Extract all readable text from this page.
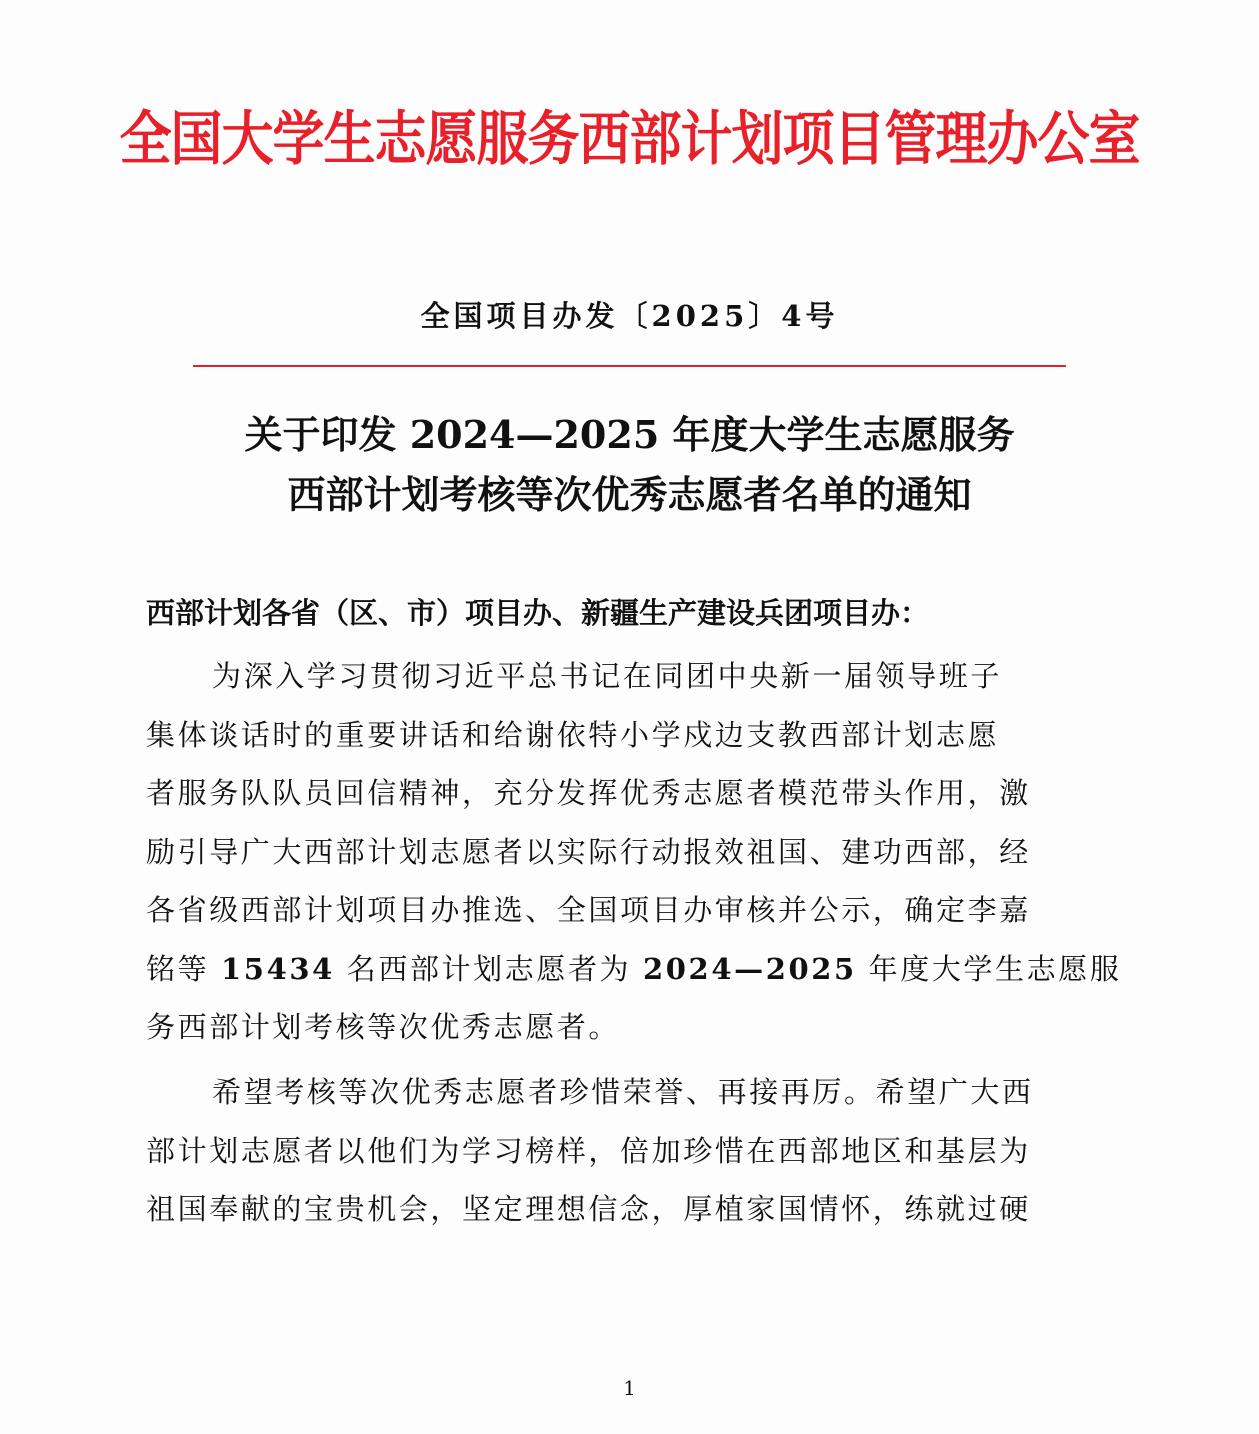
全国大学生志愿服务西部计划项目管理办公室
全国项目办发〔2025〕4号
关于印发 2024—2025 年度大学生志愿服务
西部计划考核等次优秀志愿者名单的通知
西部计划各省（区、市）项目办、新疆生产建设兵团项目办：
为深入学习贯彻习近平总书记在同团中央新一届领导班子
集体谈话时的重要讲话和给谢依特小学戍边支教西部计划志愿
者服务队队员回信精神，充分发挥优秀志愿者模范带头作用，激
励引导广大西部计划志愿者以实际行动报效祖国、建功西部，经
各省级西部计划项目办推选、全国项目办审核并公示，确定李嘉
铭等 15434 名西部计划志愿者为 2024—2025 年度大学生志愿服
务西部计划考核等次优秀志愿者。
希望考核等次优秀志愿者珍惜荣誉、再接再厉。希望广大西
部计划志愿者以他们为学习榜样，倍加珍惜在西部地区和基层为
祖国奉献的宝贵机会，坚定理想信念，厚植家国情怀，练就过硬
1
